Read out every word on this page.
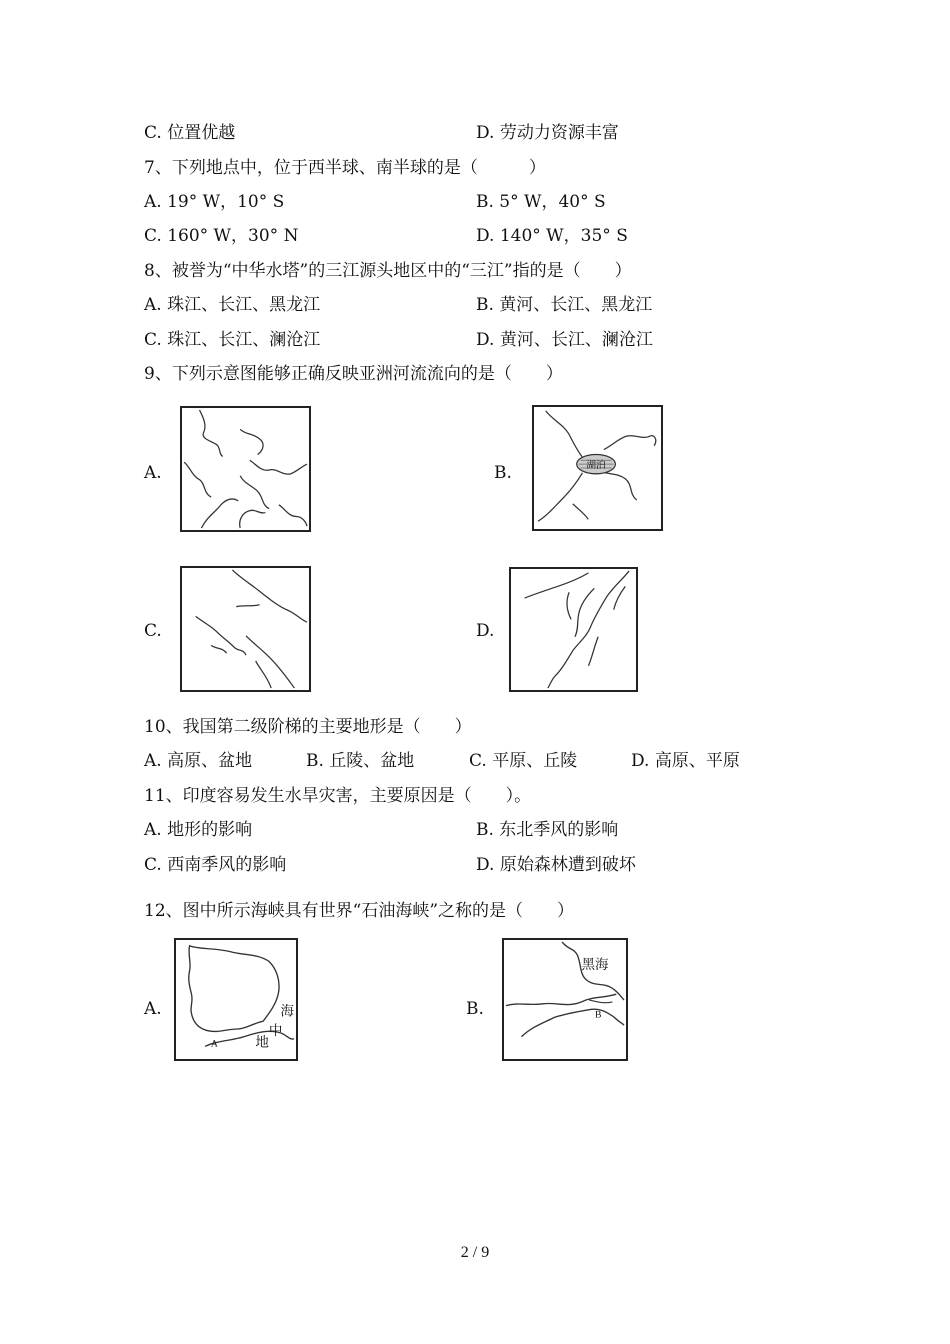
C. 位置优越	D. 劳动力资源丰富
7、下列地点中，位于西半球、南半球的是（　　　）
A. 19° W，10° S	B. 5° W，40° S
C. 160° W，30° N	D. 140° W，35° S
8、被誉为“中华水塔”的三江源头地区中的“三江”指的是（　　）
A. 珠江、长江、黑龙江	B. 黄河、长江、黑龙江
C. 珠江、长江、澜沧江	D. 黄河、长江、澜沧江
9、下列示意图能够正确反映亚洲河流流向的是（　　）
A.	B.	湖泊
C.	D.
10、我国第二级阶梯的主要地形是（　　）
A. 高原、盆地	B. 丘陵、盆地	C. 平原、丘陵	D. 高原、平原
11、印度容易发生水旱灾害，主要原因是（　　）。
A. 地形的影响	B. 东北季风的影响
C. 西南季风的影响	D. 原始森林遭到破坏
12、图中所示海峡具有世界“石油海峡”之称的是（　　）
A.
A
海
中
地
B.
黑海
B
2 / 9
